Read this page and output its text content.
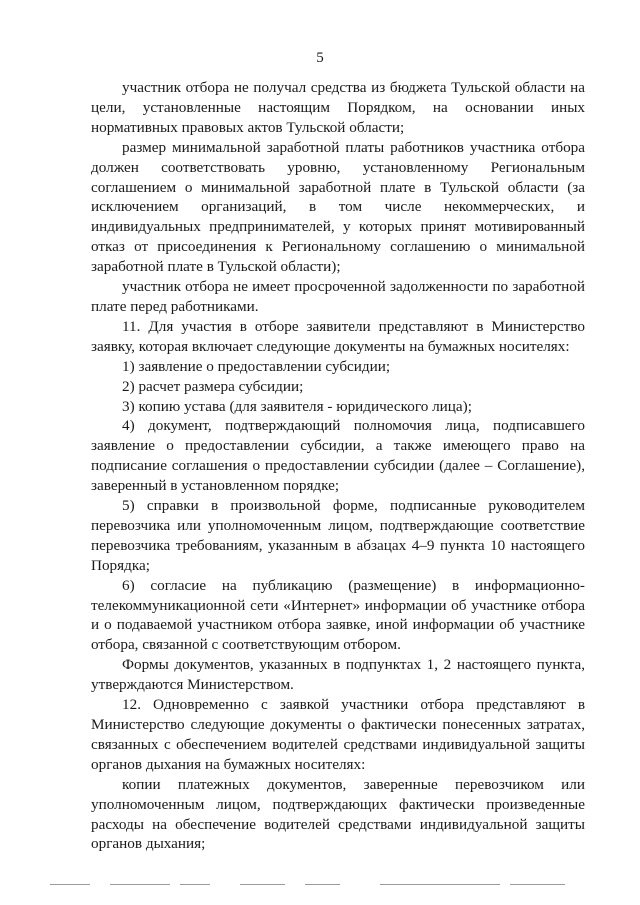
5

участник отбора не получал средства из бюджета Тульской области на цели, установленные настоящим Порядком, на основании иных нормативных правовых актов Тульской области;

размер минимальной заработной платы работников участника отбора должен соответствовать уровню, установленному Региональным соглашением о минимальной заработной плате в Тульской области (за исключением организаций, в том числе некоммерческих, и индивидуальных предпринимателей, у которых принят мотивированный отказ от присоединения к Региональному соглашению о минимальной заработной плате в Тульской области);

участник отбора не имеет просроченной задолженности по заработной плате перед работниками.

11. Для участия в отборе заявители представляют в Министерство заявку, которая включает следующие документы на бумажных носителях:

1) заявление о предоставлении субсидии;

2) расчет размера субсидии;

3) копию устава (для заявителя - юридического лица);

4) документ, подтверждающий полномочия лица, подписавшего заявление о предоставлении субсидии, а также имеющего право на подписание соглашения о предоставлении субсидии (далее – Соглашение), заверенный в установленном порядке;

5) справки в произвольной форме, подписанные руководителем перевозчика или уполномоченным лицом, подтверждающие соответствие перевозчика требованиям, указанным в абзацах 4–9 пункта 10 настоящего Порядка;

6) согласие на публикацию (размещение) в информационно-телекоммуникационной сети «Интернет» информации об участнике отбора и о подаваемой участником отбора заявке, иной информации об участнике отбора, связанной с соответствующим отбором.

Формы документов, указанных в подпунктах 1, 2 настоящего пункта, утверждаются Министерством.

12. Одновременно с заявкой участники отбора представляют в Министерство следующие документы о фактически понесенных затратах, связанных с обеспечением водителей средствами индивидуальной защиты органов дыхания на бумажных носителях:

копии платежных документов, заверенные перевозчиком или уполномоченным лицом, подтверждающих фактически произведенные расходы на обеспечение водителей средствами индивидуальной защиты органов дыхания;
